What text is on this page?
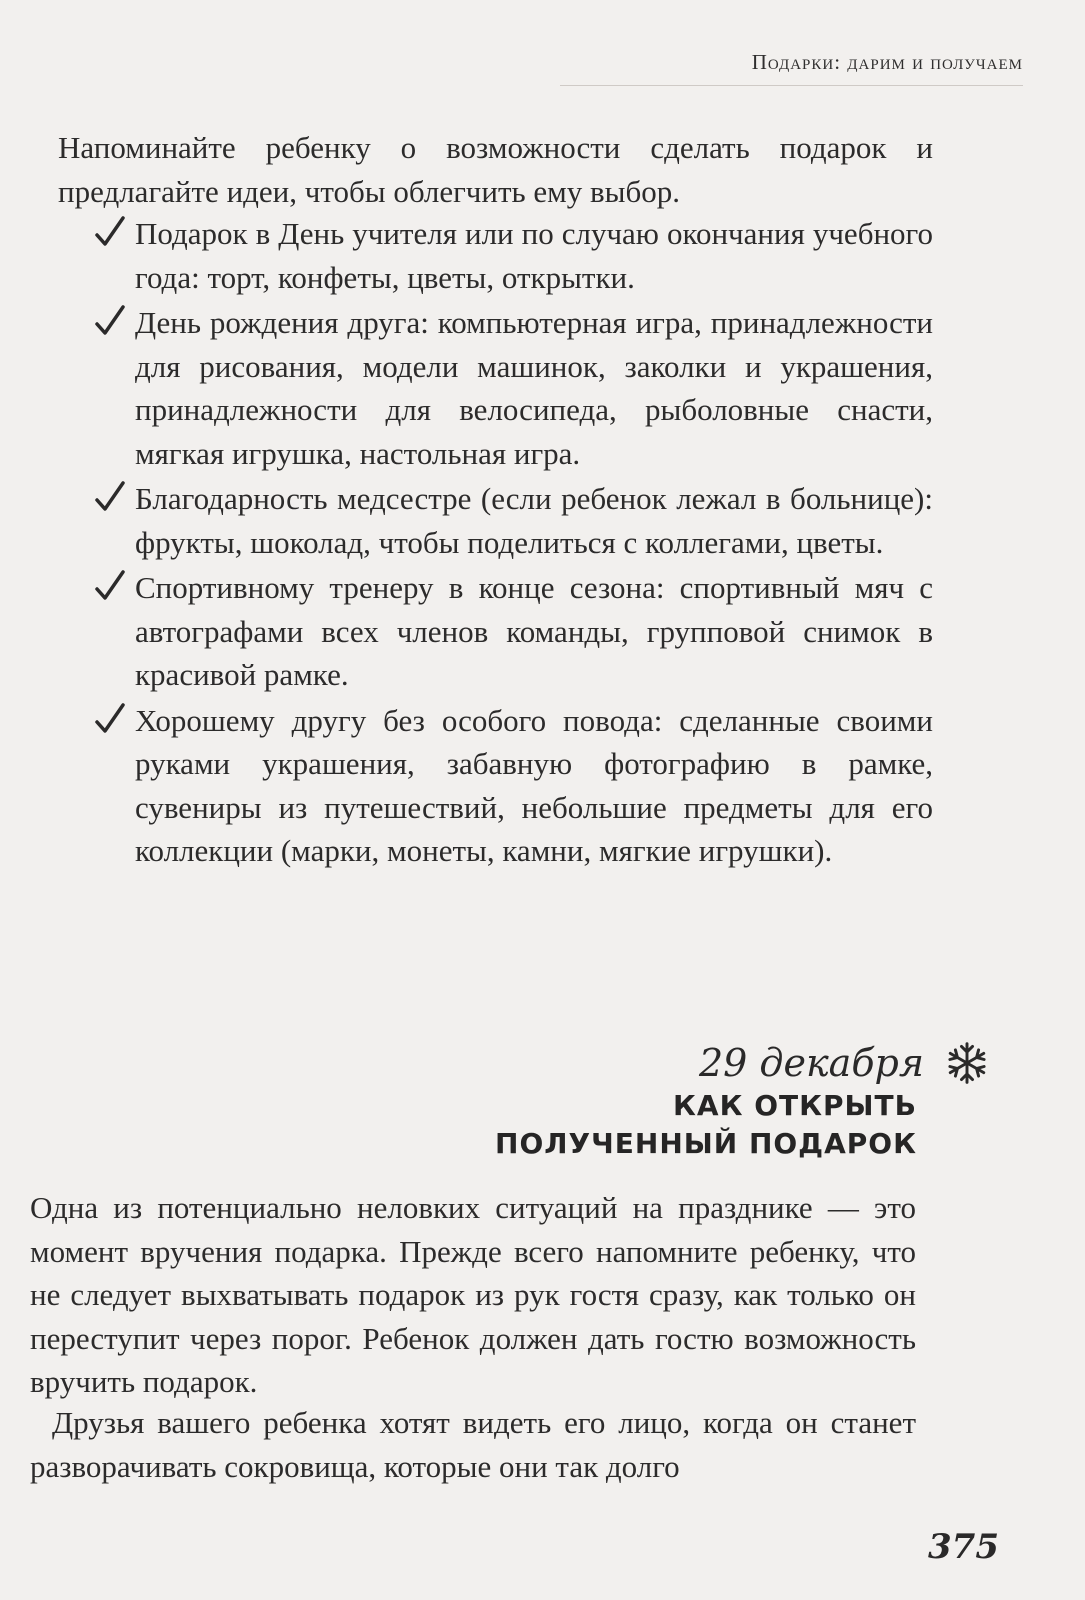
Подарки: дарим и получаем

Напоминайте ребенку о возможности сделать подарок и предлагайте идеи, чтобы облегчить ему выбор.

Подарок в День учителя или по случаю окончания учебного года: торт, конфеты, цветы, открытки.
День рождения друга: компьютерная игра, принадлежности для рисования, модели машинок, заколки и украшения, принадлежности для велосипеда, рыболовные снасти, мягкая игрушка, настольная игра.
Благодарность медсестре (если ребенок лежал в больнице): фрукты, шоколад, чтобы поделиться с коллегами, цветы.
Спортивному тренеру в конце сезона: спортивный мяч с автографами всех членов команды, групповой снимок в красивой рамке.
Хорошему другу без особого повода: сделанные своими руками украшения, забавную фотографию в рамке, сувениры из путешествий, небольшие предметы для его коллекции (марки, монеты, камни, мягкие игрушки).
29 декабря
КАК ОТКРЫТЬ
ПОЛУЧЕННЫЙ ПОДАРОК

Одна из потенциально неловких ситуаций на празднике — это момент вручения подарка. Прежде всего напомните ребенку, что не следует выхватывать подарок из рук гостя сразу, как только он переступит через порог. Ребенок должен дать гостю возможность вручить подарок.

Друзья вашего ребенка хотят видеть его лицо, когда он станет разворачивать сокровища, которые они так долго

375
